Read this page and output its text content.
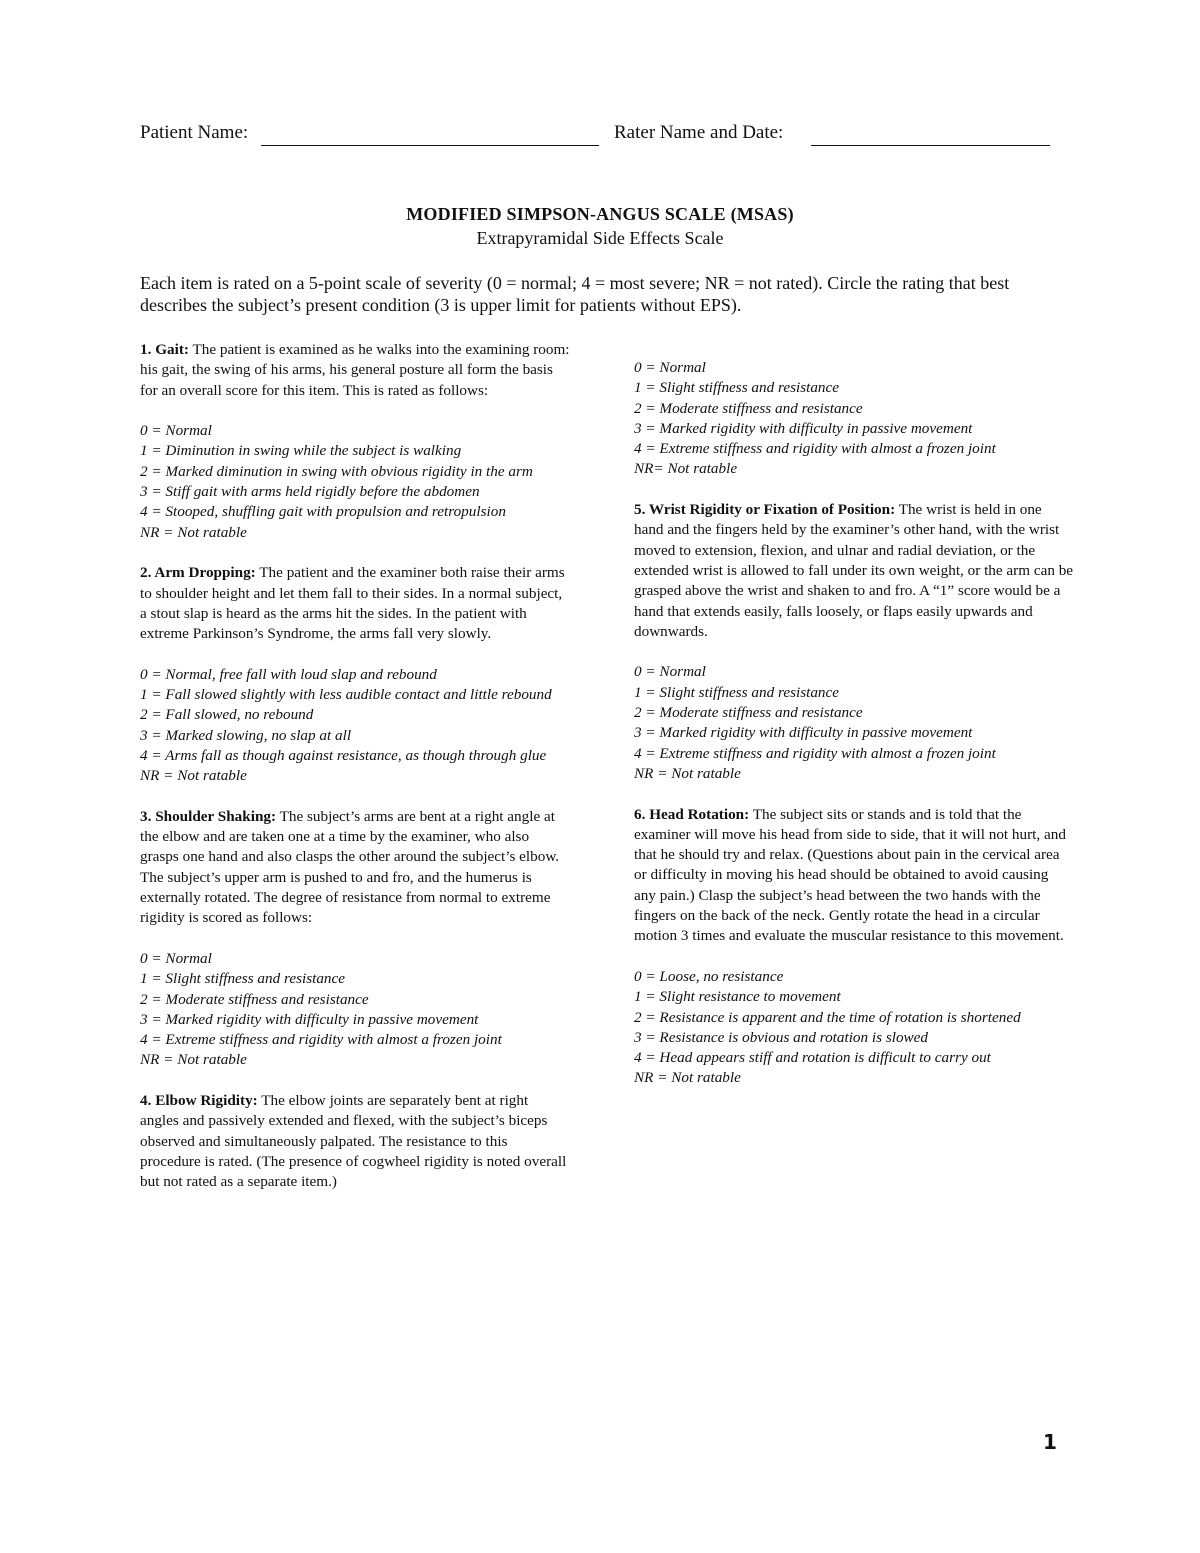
Patient Name:	Rater Name and Date:
MODIFIED SIMPSON-ANGUS SCALE (MSAS)
Extrapyramidal Side Effects Scale
Each item is rated on a 5-point scale of severity (0 = normal; 4 = most severe; NR = not rated). Circle the rating that best describes the subject’s present condition (3 is upper limit for patients without EPS).
1. Gait: The patient is examined as he walks into the examining room: his gait, the swing of his arms, his general posture all form the basis for an overall score for this item. This is rated as follows:
0 = Normal
1 = Diminution in swing while the subject is walking
2 = Marked diminution in swing with obvious rigidity in the arm
3 = Stiff gait with arms held rigidly before the abdomen
4 = Stooped, shuffling gait with propulsion and retropulsion
NR = Not ratable
2. Arm Dropping: The patient and the examiner both raise their arms to shoulder height and let them fall to their sides. In a normal subject, a stout slap is heard as the arms hit the sides. In the patient with extreme Parkinson’s Syndrome, the arms fall very slowly.
0 = Normal, free fall with loud slap and rebound
1 = Fall slowed slightly with less audible contact and little rebound
2 = Fall slowed, no rebound
3 = Marked slowing, no slap at all
4 = Arms fall as though against resistance, as though through glue
NR = Not ratable
3. Shoulder Shaking: The subject’s arms are bent at a right angle at the elbow and are taken one at a time by the examiner, who also grasps one hand and also clasps the other around the subject’s elbow. The subject’s upper arm is pushed to and fro, and the humerus is externally rotated. The degree of resistance from normal to extreme rigidity is scored as follows:
0 = Normal
1 = Slight stiffness and resistance
2 = Moderate stiffness and resistance
3 = Marked rigidity with difficulty in passive movement
4 = Extreme stiffness and rigidity with almost a frozen joint
NR = Not ratable
4. Elbow Rigidity: The elbow joints are separately bent at right angles and passively extended and flexed, with the subject’s biceps observed and simultaneously palpated. The resistance to this procedure is rated. (The presence of cogwheel rigidity is noted overall but not rated as a separate item.)
0 = Normal
1 = Slight stiffness and resistance
2 = Moderate stiffness and resistance
3 = Marked rigidity with difficulty in passive movement
4 = Extreme stiffness and rigidity with almost a frozen joint
NR= Not ratable
5. Wrist Rigidity or Fixation of Position: The wrist is held in one hand and the fingers held by the examiner’s other hand, with the wrist moved to extension, flexion, and ulnar and radial deviation, or the extended wrist is allowed to fall under its own weight, or the arm can be grasped above the wrist and shaken to and fro. A “1” score would be a hand that extends easily, falls loosely, or flaps easily upwards and downwards.
0 = Normal
1 = Slight stiffness and resistance
2 = Moderate stiffness and resistance
3 = Marked rigidity with difficulty in passive movement
4 = Extreme stiffness and rigidity with almost a frozen joint
NR = Not ratable
6. Head Rotation: The subject sits or stands and is told that the examiner will move his head from side to side, that it will not hurt, and that he should try and relax. (Questions about pain in the cervical area or difficulty in moving his head should be obtained to avoid causing any pain.) Clasp the subject’s head between the two hands with the fingers on the back of the neck. Gently rotate the head in a circular motion 3 times and evaluate the muscular resistance to this movement.
0 = Loose, no resistance
1 = Slight resistance to movement
2 = Resistance is apparent and the time of rotation is shortened
3 = Resistance is obvious and rotation is slowed
4 = Head appears stiff and rotation is difficult to carry out
NR = Not ratable
1
